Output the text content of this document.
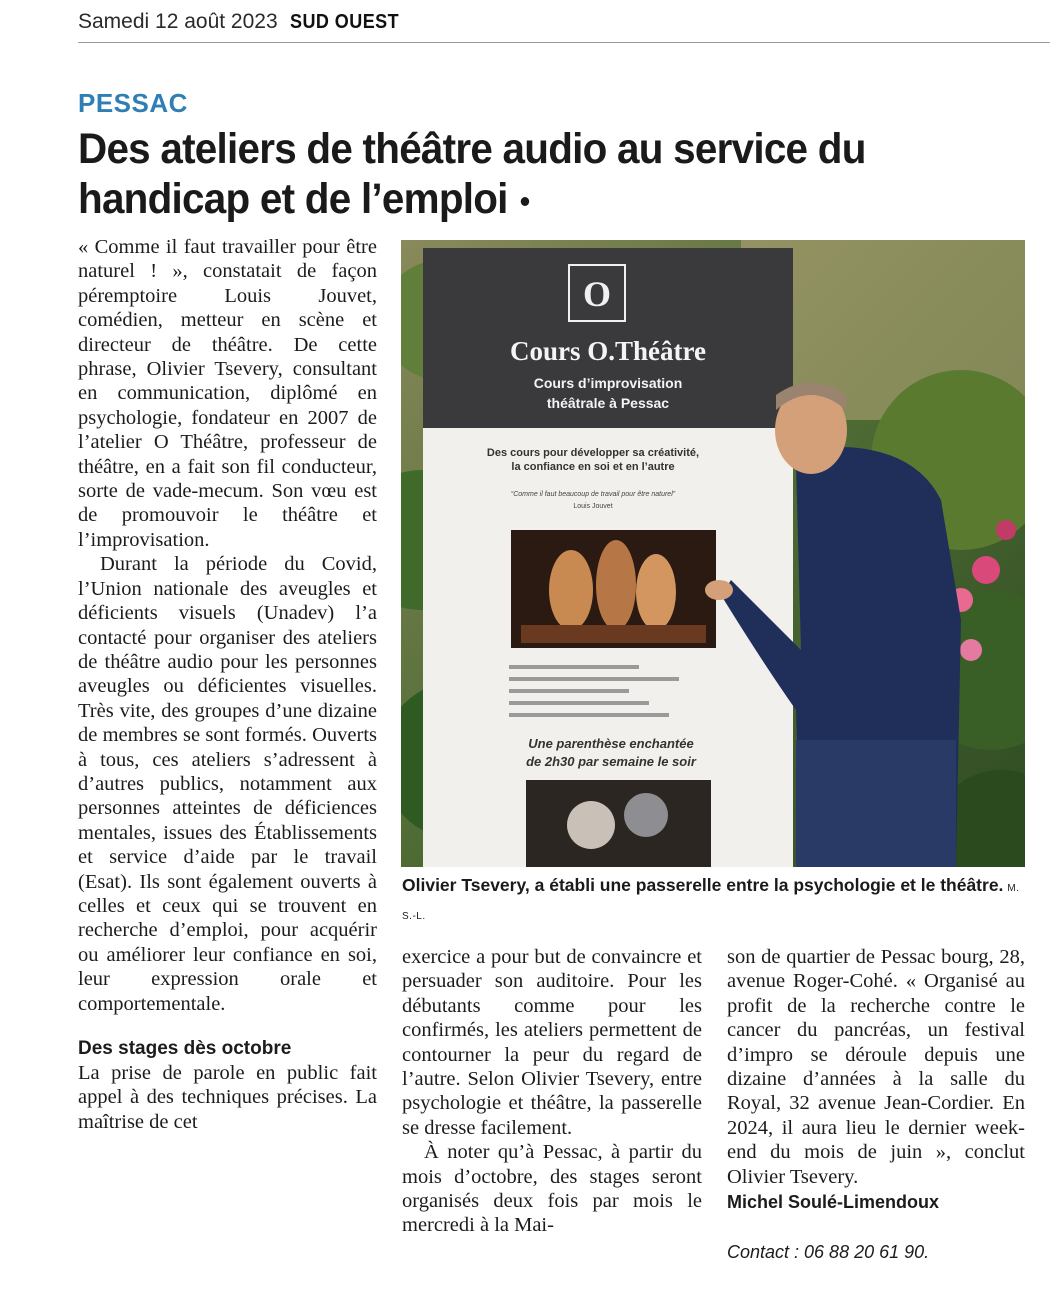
Samedi 12 août 2023 SUD OUEST
PESSAC
Des ateliers de théâtre audio au service du handicap et de l’emploi

« Comme il faut travailler pour être naturel ! », constatait de façon péremptoire Louis Jouvet, comédien, metteur en scène et directeur de théâtre. De cette phrase, Olivier Tsevery, consultant en communication, diplômé en psychologie, fondateur en 2007 de l’atelier O Théâtre, professeur de théâtre, en a fait son fil conducteur, sorte de vade-mecum. Son vœu est de promouvoir le théâtre et l’improvisation.

Durant la période du Covid, l’Union nationale des aveugles et déficients visuels (Unadev) l’a contacté pour organiser des ateliers de théâtre audio pour les personnes aveugles ou déficientes visuelles. Très vite, des groupes d’une dizaine de membres se sont formés. Ouverts à tous, ces ateliers s’adressent à d’autres publics, notamment aux personnes atteintes de déficiences mentales, issues des Établissements et service d’aide par le travail (Esat). Ils sont également ouverts à celles et ceux qui se trouvent en recherche d’emploi, pour acquérir ou améliorer leur confiance en soi, leur expression orale et comportementale.

Des stages dès octobre

La prise de parole en public fait appel à des techniques précises. La maîtrise de cet

O
Cours O.Théâtre
Cours d’improvisation
théâtrale à Pessac
Des cours pour développer sa créativité,
la confiance en soi et en l’autre
“Comme il faut beaucoup de travail pour être naturel”
Louis Jouvet
Une parenthèse enchantée
de 2h30 par semaine le soir
Olivier Tsevery, a établi une passerelle entre la psychologie et le théâtre. M. S.-L.

exercice a pour but de convaincre et persuader son auditoire. Pour les débutants comme pour les confirmés, les ateliers permettent de contourner la peur du regard de l’autre. Selon Olivier Tsevery, entre psychologie et théâtre, la passerelle se dresse facilement.

À noter qu’à Pessac, à partir du mois d’octobre, des stages seront organisés deux fois par mois le mercredi à la Mai-

son de quartier de Pessac bourg, 28, avenue Roger-Cohé. « Organisé au profit de la recherche contre le cancer du pancréas, un festival d’impro se déroule depuis une dizaine d’années à la salle du Royal, 32 avenue Jean-Cordier. En 2024, il aura lieu le dernier week-end du mois de juin », conclut Olivier Tsevery.

Michel Soulé-Limendoux
Contact : 06 88 20 61 90.
